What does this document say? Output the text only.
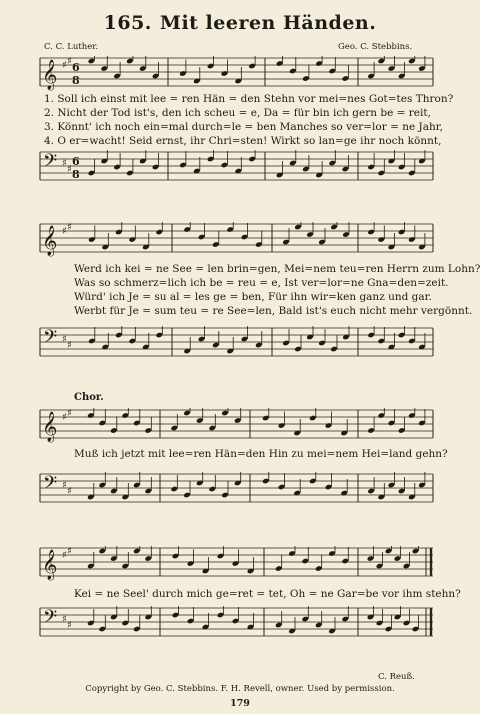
165. Mit leeren Händen.
C. C. Luther.	Geo. C. Stebbins.
𝄞 ♯ ♯ 6
8
1. Soll ich einst mit lee = ren Hän = den Stehn vor mei=nes Got=tes Thron?
2. Nicht der Tod ist's, den ich scheu = e, Da = für bin ich gern be = reit,
3. Könnt' ich noch ein=mal durch=le = ben Manches so ver=lor = ne Jahr,
4. O er=wacht! Seid ernst, ihr Chri=sten! Wirkt so lan=ge ihr noch könnt,
𝄢 ♯
♯
6
8
𝄞 ♯ ♯
Werd ich kei = ne See = len brin=gen, Mei=nem teu=ren Herrn zum Lohn?
Was so schmerz=lich ich be = reu = e, Ist ver=lor=ne Gna=den=zeit.
Würd' ich Je = su al = les ge = ben, Für ihn wir=ken ganz und gar.
Werbt für Je = sum teu = re See=len, Bald ist's euch nicht mehr vergönnt.
𝄢 ♯
♯
Chor.
𝄞 ♯ ♯
Muß ich jetzt mit lee=ren Hän=den Hin zu mei=nem Hei=land gehn?
𝄢 ♯
♯
𝄞 ♯ ♯
Kei = ne Seel' durch mich ge=ret = tet, Oh = ne Gar=be vor ihm stehn?
𝄢 ♯
♯
C. Reuß.
Copyright by Geo. C. Stebbins. F. H. Revell, owner. Used by permission.
179
